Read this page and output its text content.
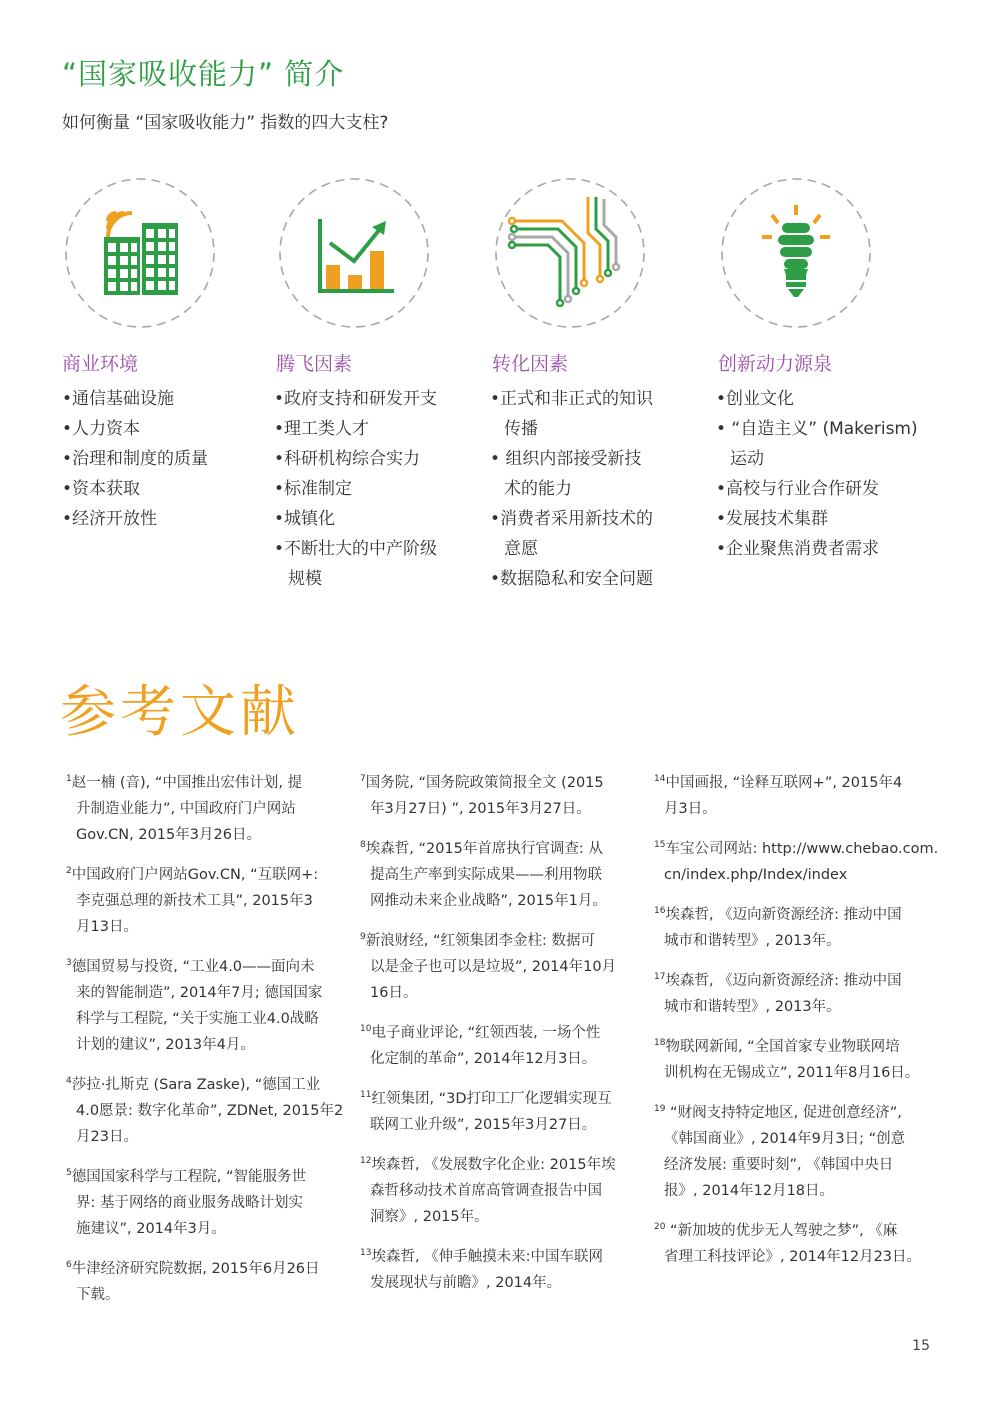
“国家吸收能力” 简介
如何衡量 “国家吸收能力” 指数的四大支柱?
商业环境	腾飞因素	转化因素	创新动力源泉
•通信基础设施
•人力资本
•治理和制度的质量
•资本获取
•经济开放性
•政府支持和研发开支
•理工类人才
•科研机构综合实力
•标准制定
•城镇化
•不断壮大的中产阶级
规模
•正式和非正式的知识
传播
• 组织内部接受新技
术的能力
•消费者采用新技术的
意愿
•数据隐私和安全问题
•创业文化
• “自造主义” (Makerism)
运动
•高校与行业合作研发
•发展技术集群
•企业聚焦消费者需求
参考文献
$^1$赵一楠 (音), “中国推出宏伟计划, 提
升制造业能力”, 中国政府门户网站
Gov.CN, 2015年3月26日。
$^2$中国政府门户网站Gov.CN, “互联网+:
李克强总理的新技术工具”, 2015年3
月13日。
$^3$德国贸易与投资, “工业4.0——面向未
来的智能制造”, 2014年7月; 德国国家
科学与工程院, “关于实施工业4.0战略
计划的建议”, 2013年4月。
$^4$莎拉·扎斯克 (Sara Zaske), “德国工业
4.0愿景: 数字化革命”, ZDNet, 2015年2
月23日。
$^5$德国国家科学与工程院, “智能服务世
界: 基于网络的商业服务战略计划实
施建议”, 2014年3月。
$^6$牛津经济研究院数据, 2015年6月26日
下载。
$^7$国务院, “国务院政策简报全文 (2015
年3月27日) ”, 2015年3月27日。
$^8$埃森哲, “2015年首席执行官调查: 从
提高生产率到实际成果——利用物联
网推动未来企业战略”, 2015年1月。
$^9$新浪财经, “红领集团李金柱: 数据可
以是金子也可以是垃圾”, 2014年10月
16日。
$^{10}$电子商业评论, “红领西装, 一场个性
化定制的革命”, 2014年12月3日。
$^{11}$红领集团, “3D打印工厂化逻辑实现互
联网工业升级”, 2015年3月27日。
$^{12}$埃森哲, 《发展数字化企业: 2015年埃
森哲移动技术首席高管调查报告中国
洞察》, 2015年。
$^{13}$埃森哲, 《伸手触摸未来:中国车联网
发展现状与前瞻》, 2014年。
$^{14}$中国画报, “诠释互联网+”, 2015年4
月3日。
$^{15}$车宝公司网站: http://www.chebao.com.
cn/index.php/Index/index
$^{16}$埃森哲, 《迈向新资源经济: 推动中国
城市和谐转型》, 2013年。
$^{17}$埃森哲, 《迈向新资源经济: 推动中国
城市和谐转型》, 2013年。
$^{18}$物联网新闻, “全国首家专业物联网培
训机构在无锡成立”, 2011年8月16日。
$^{19}$ “财阀支持特定地区, 促进创意经济”,
《韩国商业》, 2014年9月3日; “创意
经济发展: 重要时刻”, 《韩国中央日
报》, 2014年12月18日。
$^{20}$ “新加坡的优步无人驾驶之梦”, 《麻
省理工科技评论》, 2014年12月23日。
15
